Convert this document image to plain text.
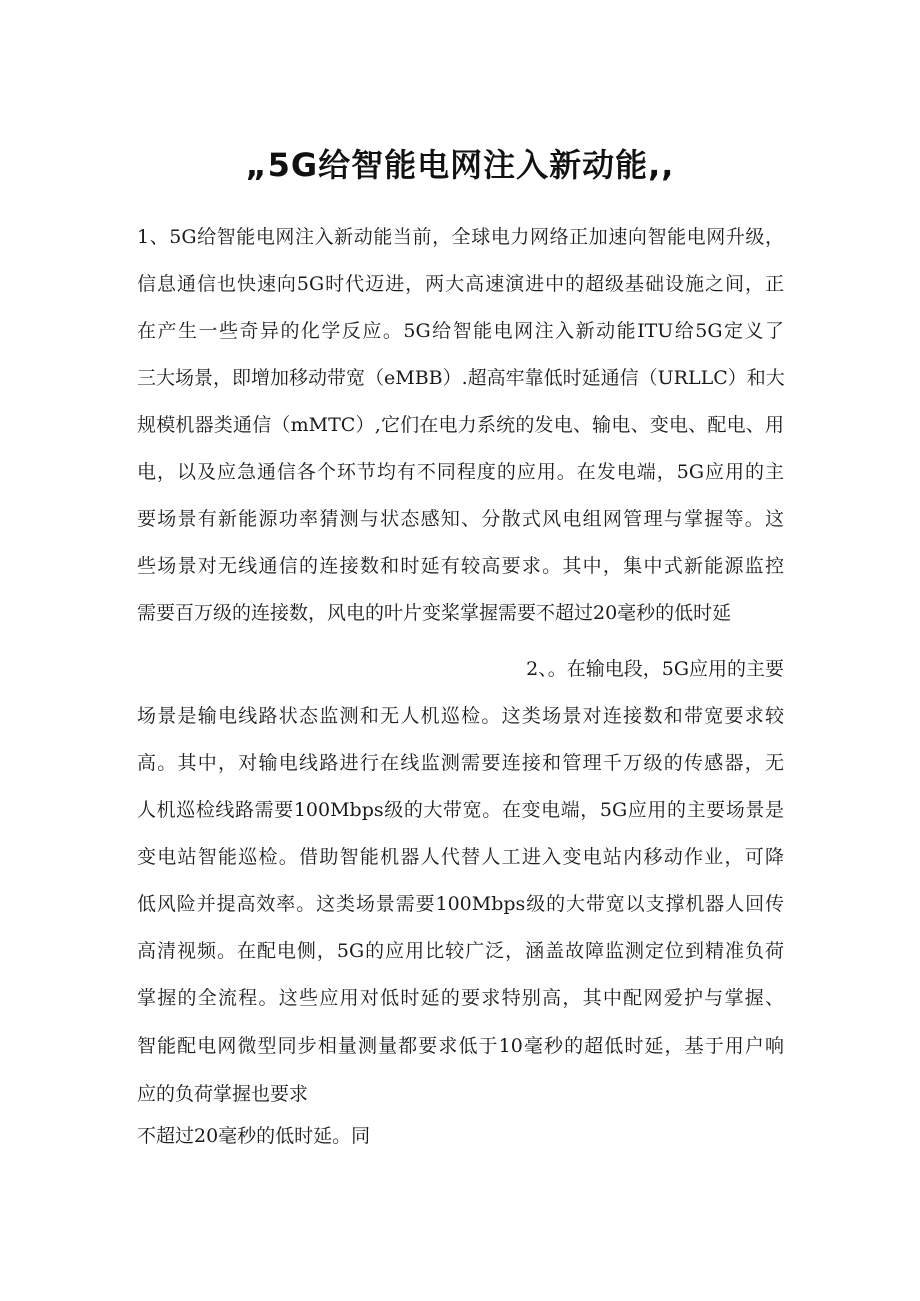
„5G给智能电网注入新动能,,

1、5G给智能电网注入新动能当前，全球电力网络正加速向智能电网升级，

信息通信也快速向5G时代迈进，两大高速演进中的超级基础设施之间，正

在产生一些奇异的化学反应。5G给智能电网注入新动能ITU给5G定义了

三大场景，即增加移动带宽（eMBB）.超高牢靠低时延通信（URLLC）和大

规模机器类通信（mMTC）,它们在电力系统的发电、输电、变电、配电、用

电，以及应急通信各个环节均有不同程度的应用。在发电端，5G应用的主

要场景有新能源功率猜测与状态感知、分散式风电组网管理与掌握等。这

些场景对无线通信的连接数和时延有较高要求。其中，集中式新能源监控

需要百万级的连接数，风电的叶片变桨掌握需要不超过20毫秒的低时延

2、。在输电段，5G应用的主要

场景是输电线路状态监测和无人机巡检。这类场景对连接数和带宽要求较

高。其中，对输电线路进行在线监测需要连接和管理千万级的传感器，无

人机巡检线路需要100Mbps级的大带宽。在变电端，5G应用的主要场景是

变电站智能巡检。借助智能机器人代替人工进入变电站内移动作业，可降

低风险并提高效率。这类场景需要100Mbps级的大带宽以支撑机器人回传

高清视频。在配电侧，5G的应用比较广泛，涵盖故障监测定位到精准负荷

掌握的全流程。这些应用对低时延的要求特别高，其中配网爱护与掌握、

智能配电网微型同步相量测量都要求低于10毫秒的超低时延，基于用户响

应的负荷掌握也要求

不超过20毫秒的低时延。同
